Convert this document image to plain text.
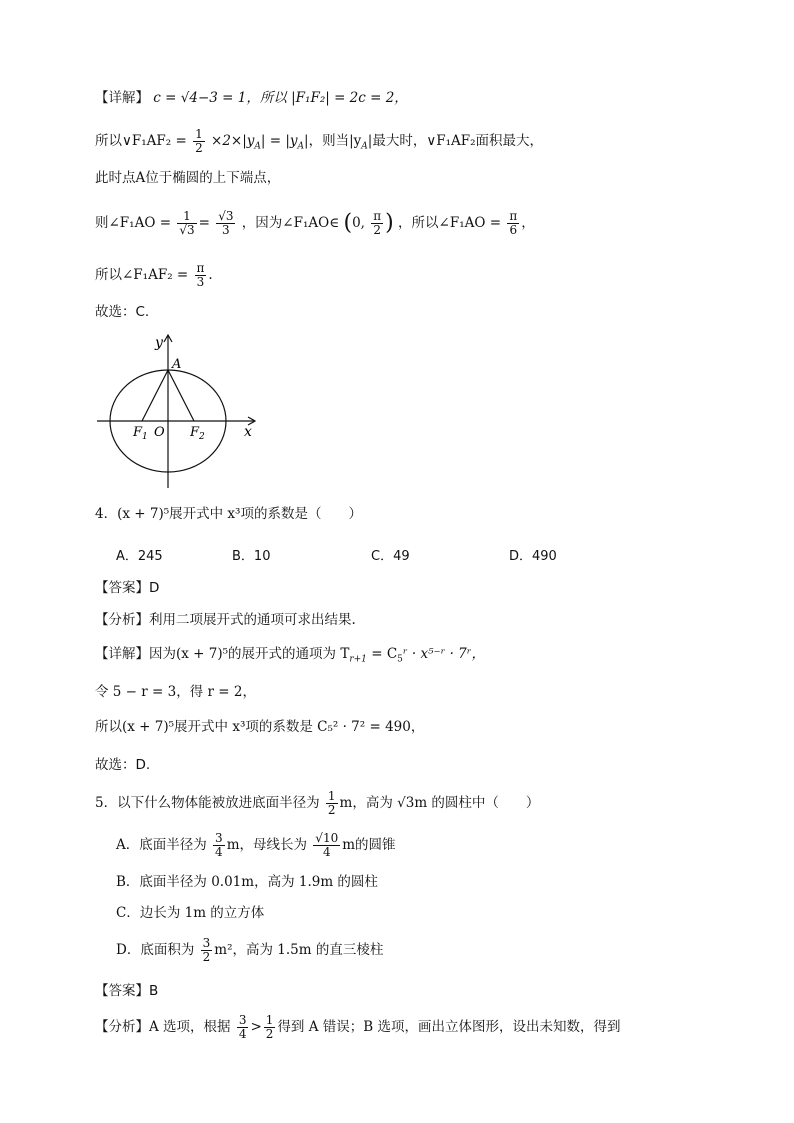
【详解】 c = √4−3 = 1，所以 |F₁F₂| = 2c = 2，
所以∨F₁AF₂ = $\frac{1}{2} \times 2\times|y_A| = |y_A|$，则当$|y_A|$最大时，∨F₁AF₂面积最大，
此时点A位于椭圆的上下端点，
则∠F₁AO = $\frac{1}{√3} = \frac{√3}{3}$ ，因为∠F₁AO∈ (0, $\frac{\pi}{2}$ ) ，所以∠F₁AO = $\frac{\pi}{6}$ ，
所以∠F₁AF₂ = $\frac{\pi}{3}$ .
故选：C.
y
A
x
F 1 O F 2
4．(x + 7)⁵展开式中 x³项的系数是（　　）
A．245	B．10	C．49	D．490
【答案】D
【分析】利用二项展开式的通项可求出结果.
【详解】因为(x + 7)⁵的展开式的通项为 $T_{r+1}$ = $C_5ʳ$ · x⁵⁻ʳ · 7ʳ，
令 5 − r = 3，得 r = 2，
所以(x + 7)⁵展开式中 x³项的系数是 C₅² · 7² = 490，
故选：D.
5．以下什么物体能被放进底面半径为 $\frac{1}{2}$ m，高为 √3m 的圆柱中（　　）
A．底面半径为 $\frac{3}{4}$ m，母线长为 $\frac{√10}{4}$ m的圆锥
B．底面半径为 0.01m，高为 1.9m 的圆柱
C．边长为 1m 的立方体
D．底面积为 $\frac{3}{2} m^2$，高为 1.5m 的直三棱柱
【答案】B
【分析】A 选项，根据 $\frac{3}{4} > \frac{1}{2}$ 得到 A 错误；B 选项，画出立体图形，设出未知数，得到
